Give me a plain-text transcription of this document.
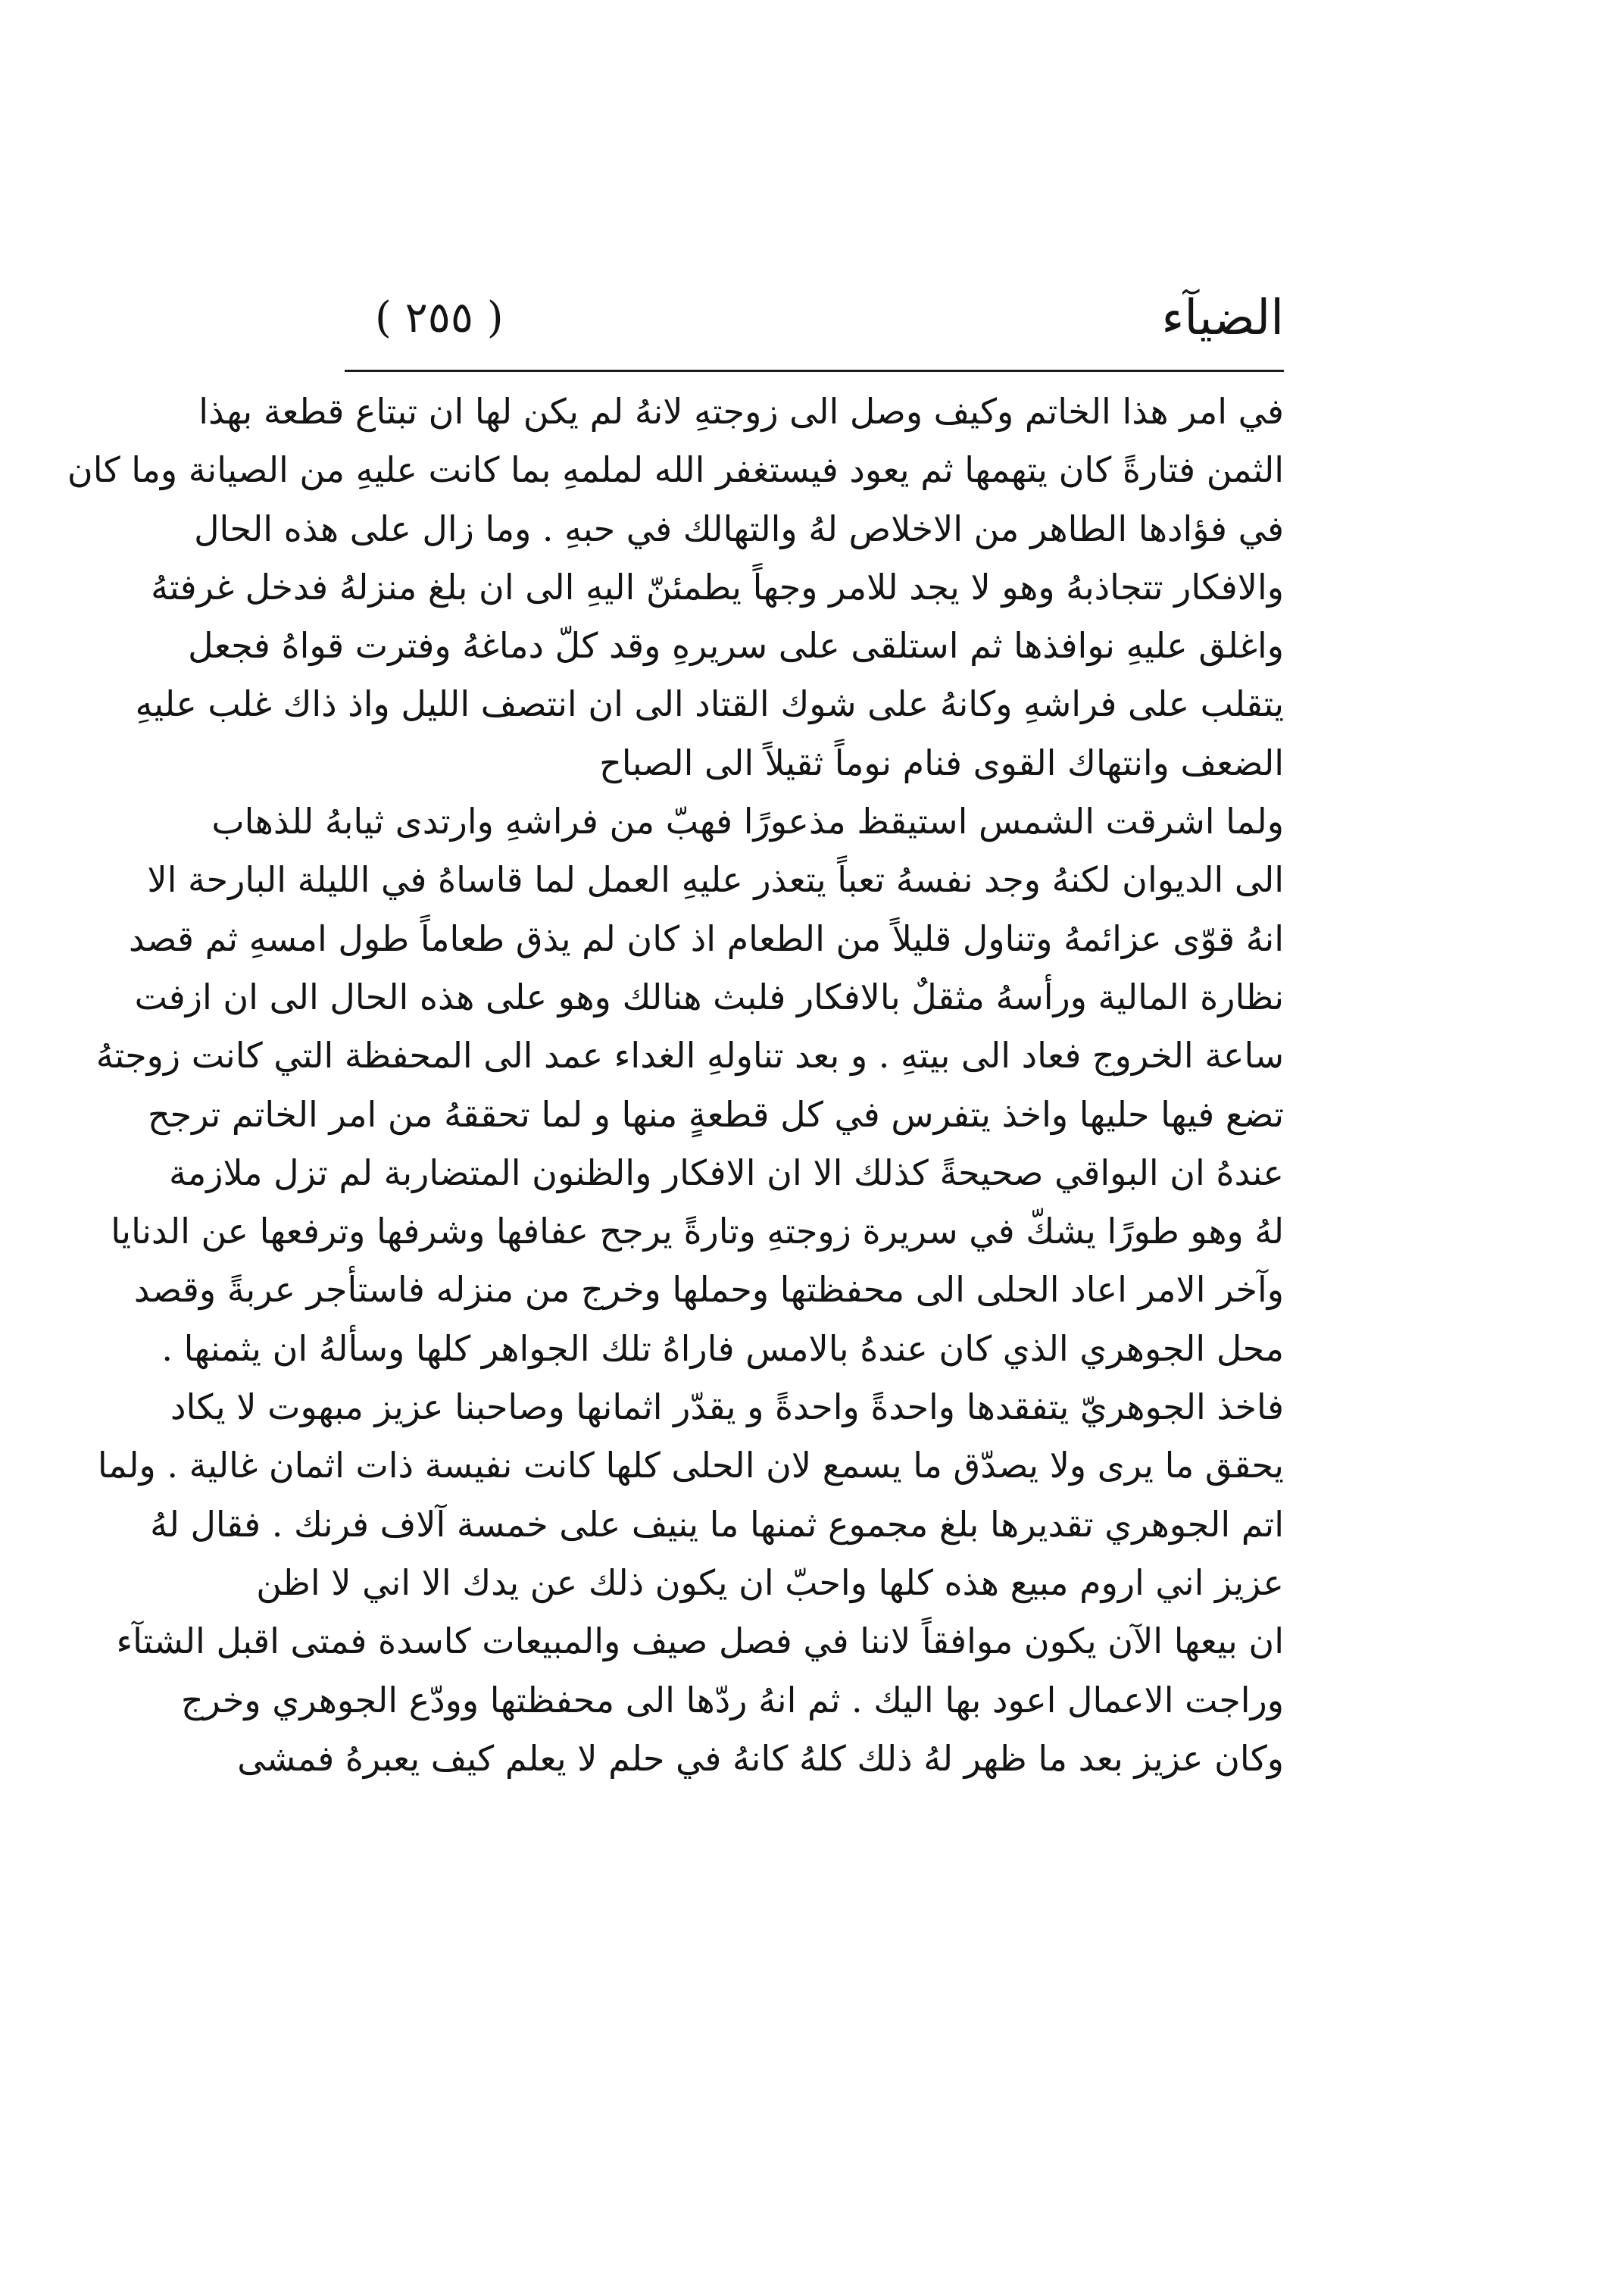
الضيآء
( ٢٥٥ )
في امر هذا الخاتم وكيف وصل الى زوجتهِ لانهُ لم يكن لها ان تبتاع قطعة بهذا
الثمن فتارةً كان يتهمها ثم يعود فيستغفر الله لملمهِ بما كانت عليهِ من الصيانة وما كان
في فؤادها الطاهر من الاخلاص لهُ والتهالك في حبهِ . وما زال على هذه الحال
والافكار تتجاذبهُ وهو لا يجد للامر وجهاً يطمئنّ اليهِ الى ان بلغ منزلهُ فدخل غرفتهُ
واغلق عليهِ نوافذها ثم استلقى على سريرهِ وقد كلّ دماغهُ وفترت قواهُ فجعل
يتقلب على فراشهِ وكانهُ على شوك القتاد الى ان انتصف الليل واذ ذاك غلب عليهِ
الضعف وانتهاك القوى فنام نوماً ثقيلاً الى الصباح
ولما اشرقت الشمس استيقظ مذعورًا فهبّ من فراشهِ وارتدى ثيابهُ للذهاب
الى الديوان لكنهُ وجد نفسهُ تعباً يتعذر عليهِ العمل لما قاساهُ في الليلة البارحة الا
انهُ قوّى عزائمهُ وتناول قليلاً من الطعام اذ كان لم يذق طعاماً طول امسهِ ثم قصد
نظارة المالية ورأسهُ مثقلٌ بالافكار فلبث هنالك وهو على هذه الحال الى ان ازفت
ساعة الخروج فعاد الى بيتهِ . و بعد تناولهِ الغداء عمد الى المحفظة التي كانت زوجتهُ
تضع فيها حليها واخذ يتفرس في كل قطعةٍ منها و لما تحققهُ من امر الخاتم ترجح
عندهُ ان البواقي صحيحةً كذلك الا ان الافكار والظنون المتضاربة لم تزل ملازمة
لهُ وهو طورًا يشكّ في سريرة زوجتهِ وتارةً يرجح عفافها وشرفها وترفعها عن الدنايا
وآخر الامر اعاد الحلى الى محفظتها وحملها وخرج من منزله فاستأجر عربةً وقصد
محل الجوهري الذي كان عندهُ بالامس فاراهُ تلك الجواهر كلها وسألهُ ان يثمنها .
فاخذ الجوهريّ يتفقدها واحدةً واحدةً و يقدّر اثمانها وصاحبنا عزيز مبهوت لا يكاد
يحقق ما يرى ولا يصدّق ما يسمع لان الحلى كلها كانت نفيسة ذات اثمان غالية . ولما
اتم الجوهري تقديرها بلغ مجموع ثمنها ما ينيف على خمسة آلاف فرنك . فقال لهُ
عزيز اني اروم مبيع هذه كلها واحبّ ان يكون ذلك عن يدك الا اني لا اظن
ان بيعها الآن يكون موافقاً لاننا في فصل صيف والمبيعات كاسدة فمتى اقبل الشتآء
وراجت الاعمال اعود بها اليك . ثم انهُ ردّها الى محفظتها وودّع الجوهري وخرج
وكان عزيز بعد ما ظهر لهُ ذلك كلهُ كانهُ في حلم لا يعلم كيف يعبرهُ فمشى
